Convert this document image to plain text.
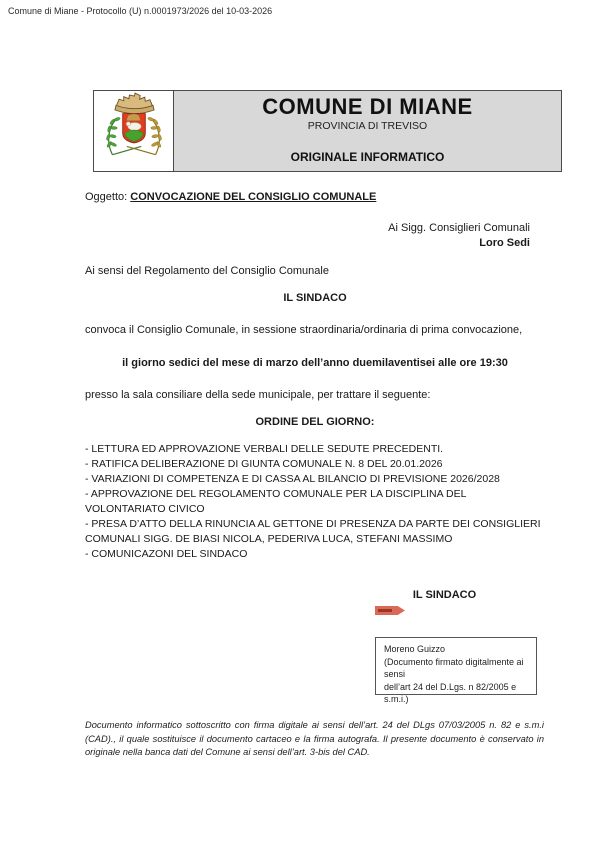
Comune di Miane - Protocollo (U) n.0001973/2026 del 10-03-2026
COMUNE DI MIANE
PROVINCIA DI TREVISO
ORIGINALE INFORMATICO
Oggetto: CONVOCAZIONE DEL CONSIGLIO COMUNALE
Ai Sigg. Consiglieri Comunali
Loro Sedi
Ai sensi del Regolamento del Consiglio Comunale
IL SINDACO
convoca il Consiglio Comunale, in sessione straordinaria/ordinaria di prima convocazione,
il giorno sedici del mese di marzo dell’anno duemilaventisei alle ore 19:30
presso la sala consiliare della sede municipale, per trattare il seguente:
ORDINE DEL GIORNO:
- LETTURA ED APPROVAZIONE VERBALI DELLE SEDUTE PRECEDENTI.
- RATIFICA DELIBERAZIONE DI GIUNTA COMUNALE N. 8 DEL 20.01.2026
- VARIAZIONI DI COMPETENZA E DI CASSA AL BILANCIO DI PREVISIONE 2026/2028
- APPROVAZIONE DEL REGOLAMENTO COMUNALE PER LA DISCIPLINA DEL VOLONTARIATO CIVICO
- PRESA D’ATTO DELLA RINUNCIA AL GETTONE DI PRESENZA DA PARTE DEI CONSIGLIERI COMUNALI SIGG. DE BIASI NICOLA, PEDERIVA LUCA, STEFANI MASSIMO
- COMUNICAZONI DEL SINDACO
IL SINDACO
Moreno Guizzo
(Documento firmato digitalmente ai sensi
dell’art 24 del D.Lgs. n 82/2005 e s.m.i.)
Documento informatico sottoscritto con firma digitale ai sensi dell’art. 24 del DLgs 07/03/2005 n. 82 e s.m.i (CAD)., il quale sostituisce il documento cartaceo e la firma autografa. Il presente documento è conservato in originale nella banca dati del Comune ai sensi dell’art. 3-bis del CAD.
